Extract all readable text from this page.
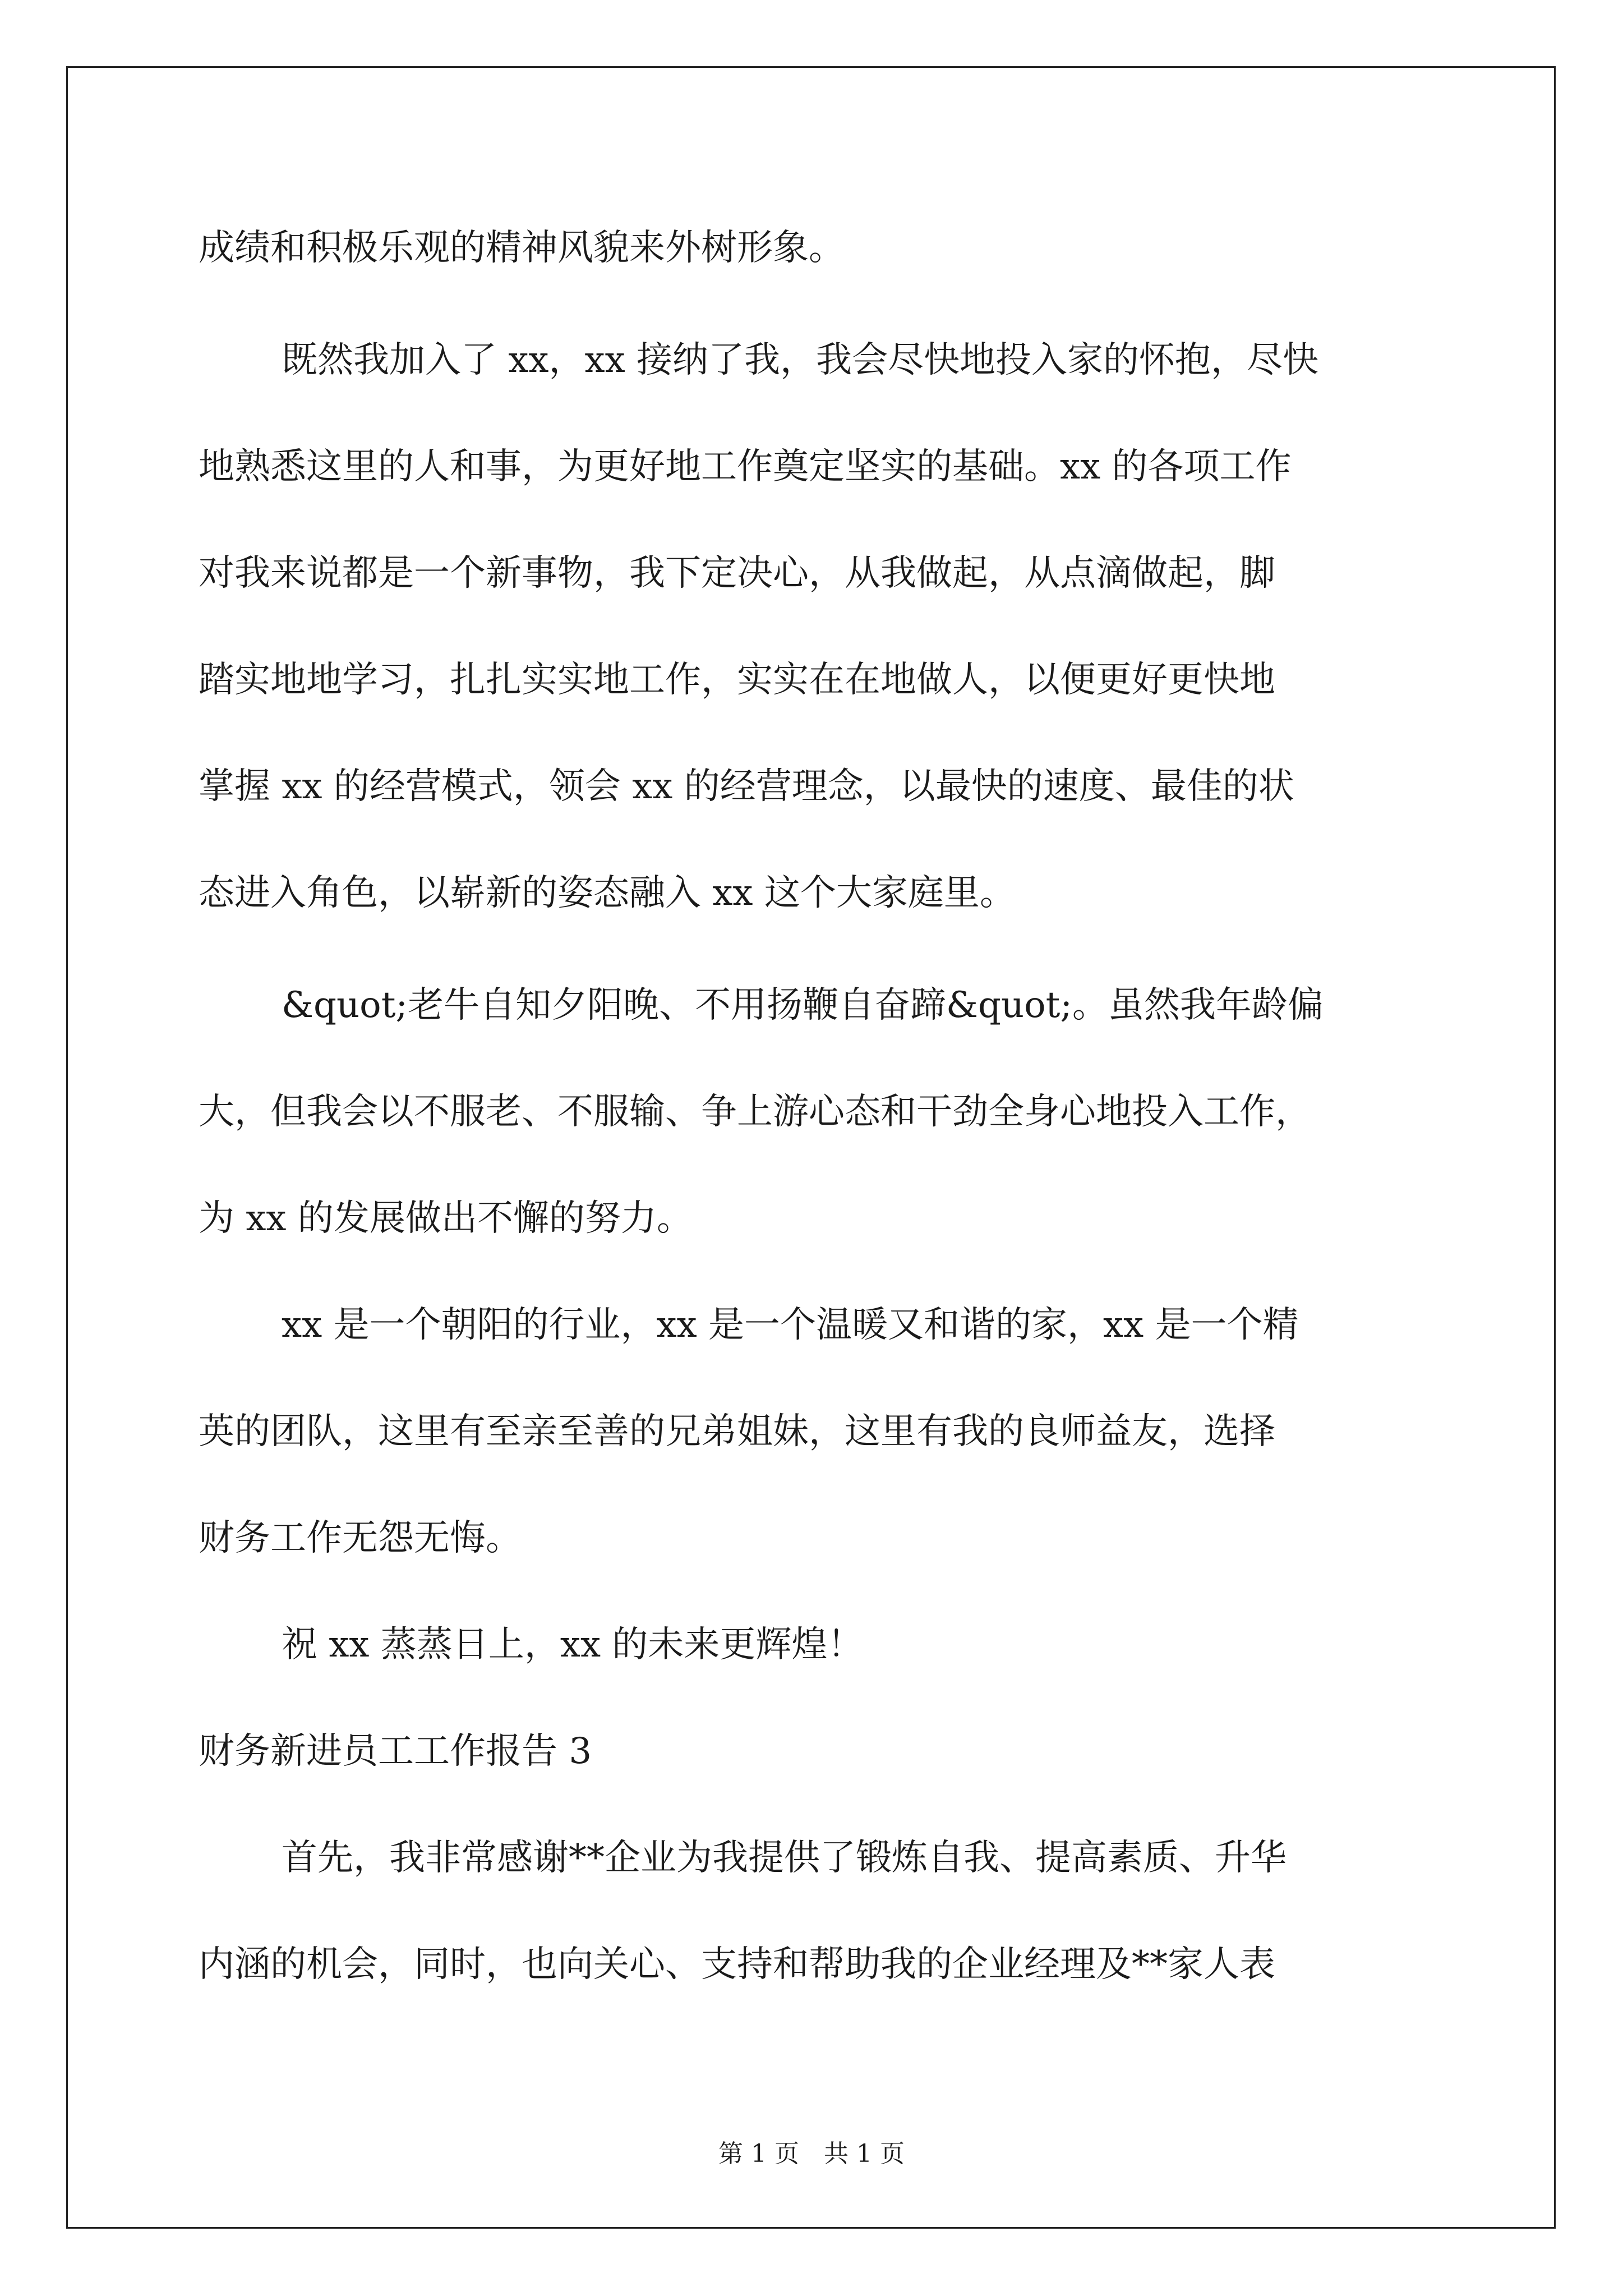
成绩和积极乐观的精神风貌来外树形象。

既然我加入了 xx，xx 接纳了我，我会尽快地投入家的怀抱，尽快

地熟悉这里的人和事，为更好地工作奠定坚实的基础。xx 的各项工作

对我来说都是一个新事物，我下定决心，从我做起，从点滴做起，脚

踏实地地学习，扎扎实实地工作，实实在在地做人，以便更好更快地

掌握 xx 的经营模式，领会 xx 的经营理念，以最快的速度、最佳的状

态进入角色，以崭新的姿态融入 xx 这个大家庭里。

&quot;老牛自知夕阳晚、不用扬鞭自奋蹄&quot;。虽然我年龄偏

大，但我会以不服老、不服输、争上游心态和干劲全身心地投入工作，

为 xx 的发展做出不懈的努力。

xx 是一个朝阳的行业，xx 是一个温暖又和谐的家，xx 是一个精

英的团队，这里有至亲至善的兄弟姐妹，这里有我的良师益友，选择

财务工作无怨无悔。

祝 xx 蒸蒸日上，xx 的未来更辉煌！

财务新进员工工作报告 3

首先，我非常感谢**企业为我提供了锻炼自我、提高素质、升华

内涵的机会，同时，也向关心、支持和帮助我的企业经理及**家人表

第 1 页　共 1 页
